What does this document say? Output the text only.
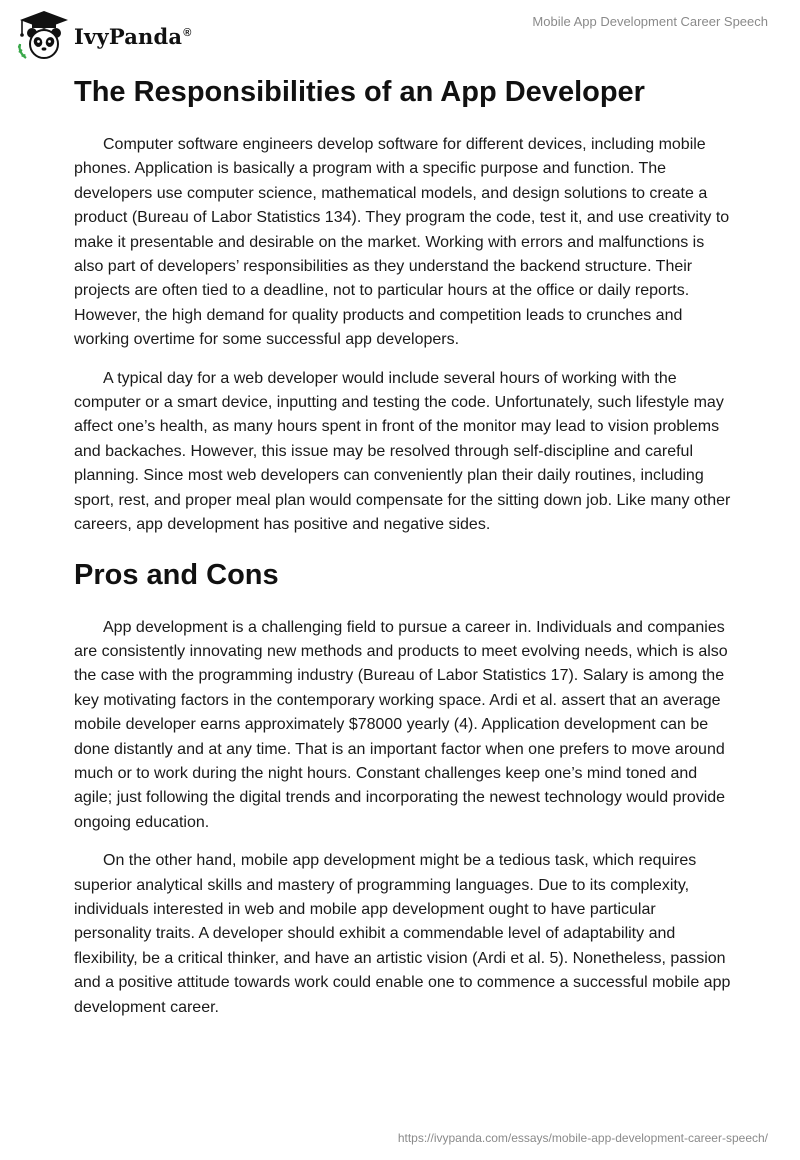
IvyPanda®
Mobile App Development Career Speech
The Responsibilities of an App Developer

Computer software engineers develop software for different devices, including mobile phones. Application is basically a program with a specific purpose and function. The developers use computer science, mathematical models, and design solutions to create a product (Bureau of Labor Statistics 134). They program the code, test it, and use creativity to make it presentable and desirable on the market. Working with errors and malfunctions is also part of developers’ responsibilities as they understand the backend structure. Their projects are often tied to a deadline, not to particular hours at the office or daily reports. However, the high demand for quality products and competition leads to crunches and working overtime for some successful app developers.

A typical day for a web developer would include several hours of working with the computer or a smart device, inputting and testing the code. Unfortunately, such lifestyle may affect one’s health, as many hours spent in front of the monitor may lead to vision problems and backaches. However, this issue may be resolved through self-discipline and careful planning. Since most web developers can conveniently plan their daily routines, including sport, rest, and proper meal plan would compensate for the sitting down job. Like many other careers, app development has positive and negative sides.

Pros and Cons

App development is a challenging field to pursue a career in. Individuals and companies are consistently innovating new methods and products to meet evolving needs, which is also the case with the programming industry (Bureau of Labor Statistics 17). Salary is among the key motivating factors in the contemporary working space. Ardi et al. assert that an average mobile developer earns approximately $78000 yearly (4). Application development can be done distantly and at any time. That is an important factor when one prefers to move around much or to work during the night hours. Constant challenges keep one’s mind toned and agile; just following the digital trends and incorporating the newest technology would provide ongoing education.

On the other hand, mobile app development might be a tedious task, which requires superior analytical skills and mastery of programming languages. Due to its complexity, individuals interested in web and mobile app development ought to have particular personality traits. A developer should exhibit a commendable level of adaptability and flexibility, be a critical thinker, and have an artistic vision (Ardi et al. 5). Nonetheless, passion and a positive attitude towards work could enable one to commence a successful mobile app development career.

https://ivypanda.com/essays/mobile-app-development-career-speech/
